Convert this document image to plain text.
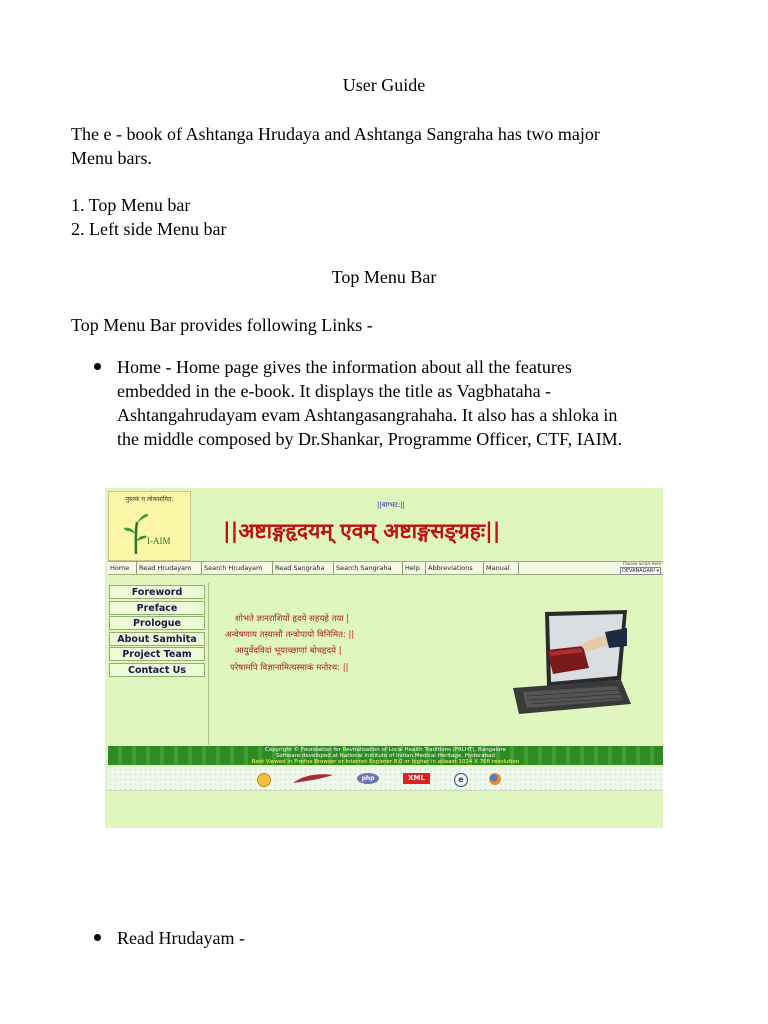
User Guide

The e - book of Ashtanga Hrudaya and Ashtanga Sangraha has two major

Menu bars.

1. Top Menu bar

2. Left side Menu bar

Top Menu Bar

Top Menu Bar provides following Links -

Home - Home page gives the information about all the features

embedded in the e-book. It displays the title as Vagbhataha -

Ashtangahrudayam evam Ashtangasangrahaha. It also has a shloka in

the middle composed by Dr.Shankar, Programme Officer, CTF, IAIM.

पुस्तकं च लोकसामित:
I-AIM
||वाग्भट:||
||अष्टाङ्गहृदयम् एवम् अष्टाङ्गसङ्ग्रहः||
Home	Read Hrudayam	Search Hrudayam	Read Sangraha	Search Sangraha	Help	Abbreviations	Manual
Choose Script Here
DEVANAGARI ▾
Foreword
Preface
Prologue
About Samhita
Project Team
Contact Us
शोभते ज्ञानराशियों हृदये सहयहे तया |
अन्वेषणाय तस्यासौ तन्त्रोपायो विनिमित: ||
आयुर्वेदविदां भूयाच्छाणां बोधहृदये |
परेषामपि विज्ञानामित्यस्माकं मनोरथ: ||
Copyright © Foundation for Revitalisation of Local Health Traditions (FRLHT), Bangalore
Software developed at National Institute of Indian Medical Heritage, Hyderabad
Best Viewed in Firefox Browser or Internet Explorer 8.0 or higher in atleast 1024 X 768 resolution
php	XML	e

Read Hrudayam -
